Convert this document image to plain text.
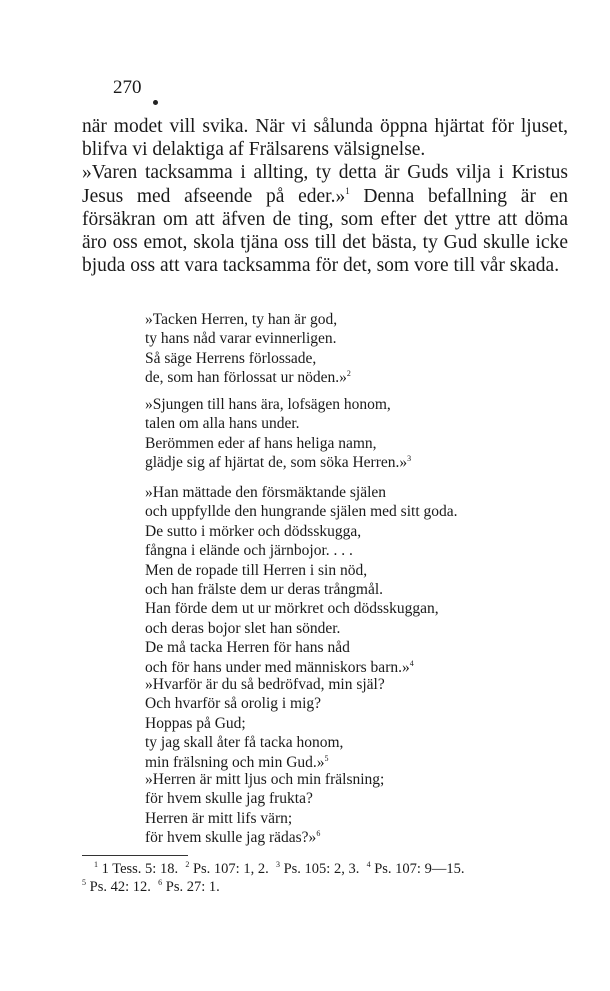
270

när modet vill svika. När vi sålunda öppna hjärtat för ljuset, blifva vi delaktiga af Frälsarens välsignelse.

»Varen tacksamma i allting, ty detta är Guds vilja i Kristus Jesus med afseende på eder.»$^1$ Denna befallning är en försäkran om att äfven de ting, som efter det yttre att döma äro oss emot, skola tjäna oss till det bästa, ty Gud skulle icke bjuda oss att vara tacksamma för det, som vore till vår skada.

»Tacken Herren, ty han är god,
ty hans nåd varar evinnerligen.
Så säge Herrens förlossade,
de, som han förlossat ur nöden.»$^2$
»Sjungen till hans ära, lofsägen honom,
talen om alla hans under.
Berömmen eder af hans heliga namn,
glädje sig af hjärtat de, som söka Herren.»$^3$
»Han mättade den försmäktande själen
och uppfyllde den hungrande själen med sitt goda.
De sutto i mörker och dödsskugga,
fångna i elände och järnbojor. . . .
Men de ropade till Herren i sin nöd,
och han frälste dem ur deras trångmål.
Han förde dem ut ur mörkret och dödsskuggan,
och deras bojor slet han sönder.
De må tacka Herren för hans nåd
och för hans under med människors barn.»$^4$
»Hvarför är du så bedröfvad, min själ?
Och hvarför så orolig i mig?
Hoppas på Gud;
ty jag skall åter få tacka honom,
min frälsning och min Gud.»$^5$
»Herren är mitt ljus och min frälsning;
för hvem skulle jag frukta?
Herren är mitt lifs värn;
för hvem skulle jag rädas?»$^6$
$^1$ 1 Tess. 5: 18. $^2$ Ps. 107: 1, 2. $^3$ Ps. 105: 2, 3. $^4$ Ps. 107: 9—15.
$^5$ Ps. 42: 12. $^6$ Ps. 27: 1.
